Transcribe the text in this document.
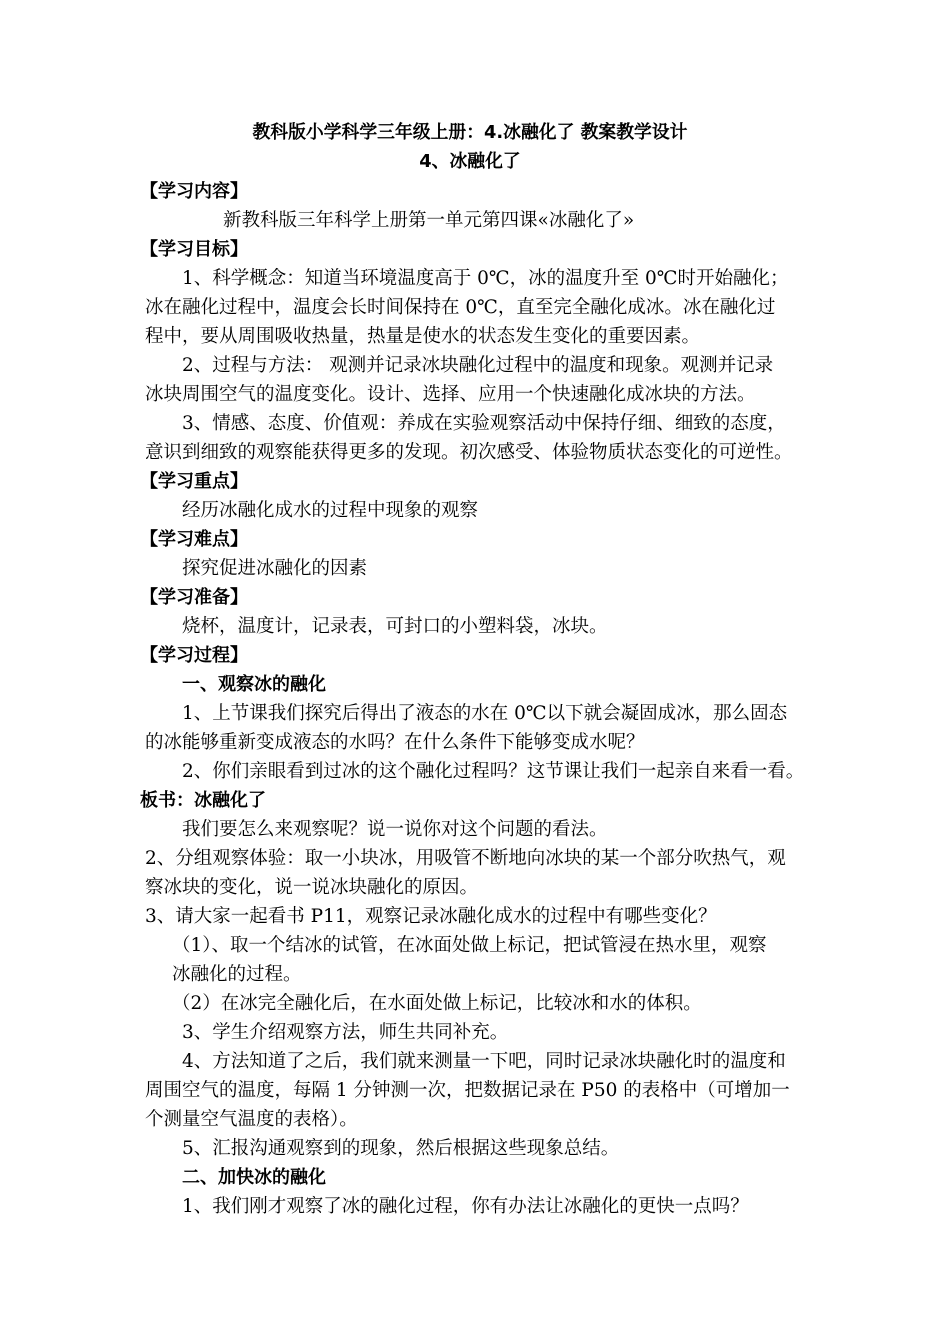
教科版小学科学三年级上册：4.冰融化了 教案教学设计
4、冰融化了
【学习内容】
新教科版三年科学上册第一单元第四课«冰融化了»
【学习目标】
1、科学概念：知道当环境温度高于 0℃，冰的温度升至 0℃时开始融化；
冰在融化过程中，温度会长时间保持在 0℃，直至完全融化成冰。冰在融化过
程中，要从周围吸收热量，热量是使水的状态发生变化的重要因素。
2、过程与方法： 观测并记录冰块融化过程中的温度和现象。观测并记录
冰块周围空气的温度变化。设计、选择、应用一个快速融化成冰块的方法。
3、情感、态度、价值观：养成在实验观察活动中保持仔细、细致的态度，
意识到细致的观察能获得更多的发现。初次感受、体验物质状态变化的可逆性。
【学习重点】
经历冰融化成水的过程中现象的观察
【学习难点】
探究促进冰融化的因素
【学习准备】
烧杯，温度计，记录表，可封口的小塑料袋，冰块。
【学习过程】
一、观察冰的融化
1、上节课我们探究后得出了液态的水在 0℃以下就会凝固成冰，那么固态
的冰能够重新变成液态的水吗？在什么条件下能够变成水呢？
2、你们亲眼看到过冰的这个融化过程吗？这节课让我们一起亲自来看一看。
板书：冰融化了
我们要怎么来观察呢？说一说你对这个问题的看法。
2、分组观察体验：取一小块冰，用吸管不断地向冰块的某一个部分吹热气，观
察冰块的变化，说一说冰块融化的原因。
3、请大家一起看书 P11，观察记录冰融化成水的过程中有哪些变化？
（1）、取一个结冰的试管，在冰面处做上标记，把试管浸在热水里，观察
冰融化的过程。
（2）在冰完全融化后，在水面处做上标记，比较冰和水的体积。
3、学生介绍观察方法，师生共同补充。
4、方法知道了之后，我们就来测量一下吧，同时记录冰块融化时的温度和
周围空气的温度，每隔 1 分钟测一次，把数据记录在 P50 的表格中（可增加一
个测量空气温度的表格）。
5、汇报沟通观察到的现象，然后根据这些现象总结。
二、加快冰的融化
1、我们刚才观察了冰的融化过程，你有办法让冰融化的更快一点吗？
